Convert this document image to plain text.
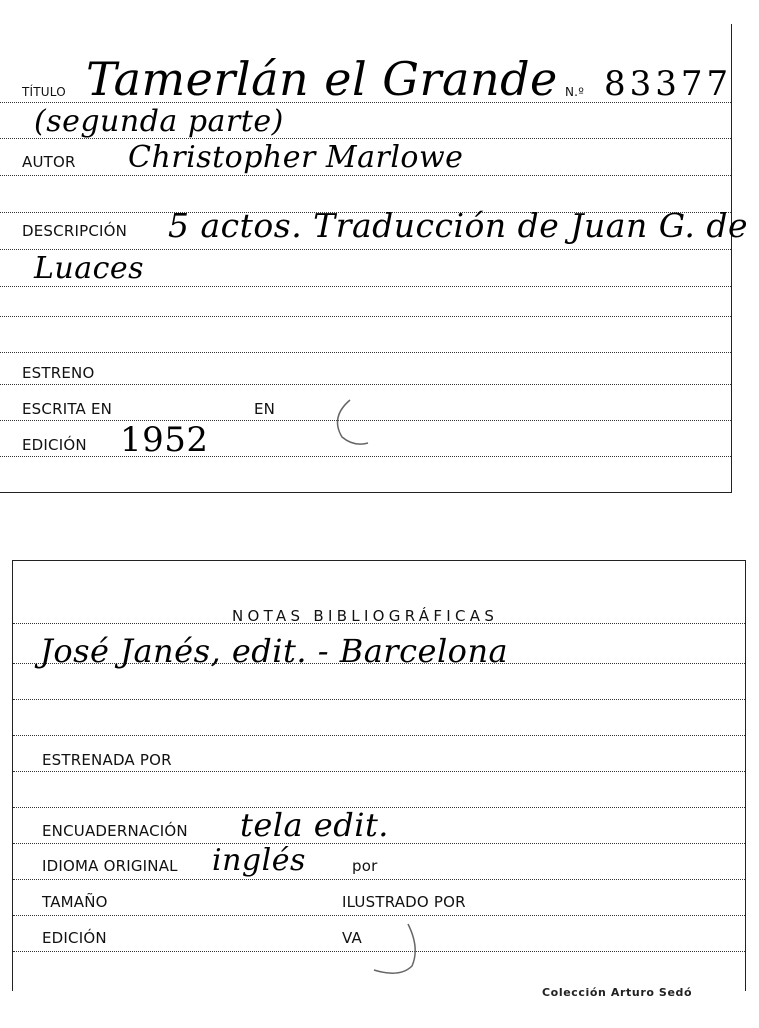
TÍTULO Tamerlán el Grande N.º 83377
(segunda parte)
AUTOR Christopher Marlowe
DESCRIPCIÓN 5 actos. Traducción de Juan G. de
Luaces
ESTRENO
ESCRITA EN	EN
EDICIÓN 1952
NOTAS BIBLIOGRÁFICAS
José Janés, edit. - Barcelona
ESTRENADA POR
ENCUADERNACIÓN tela edit.
IDIOMA ORIGINAL inglés	por
TAMAÑO	ILUSTRADO POR
EDICIÓN	VA
Colección Arturo Sedó
